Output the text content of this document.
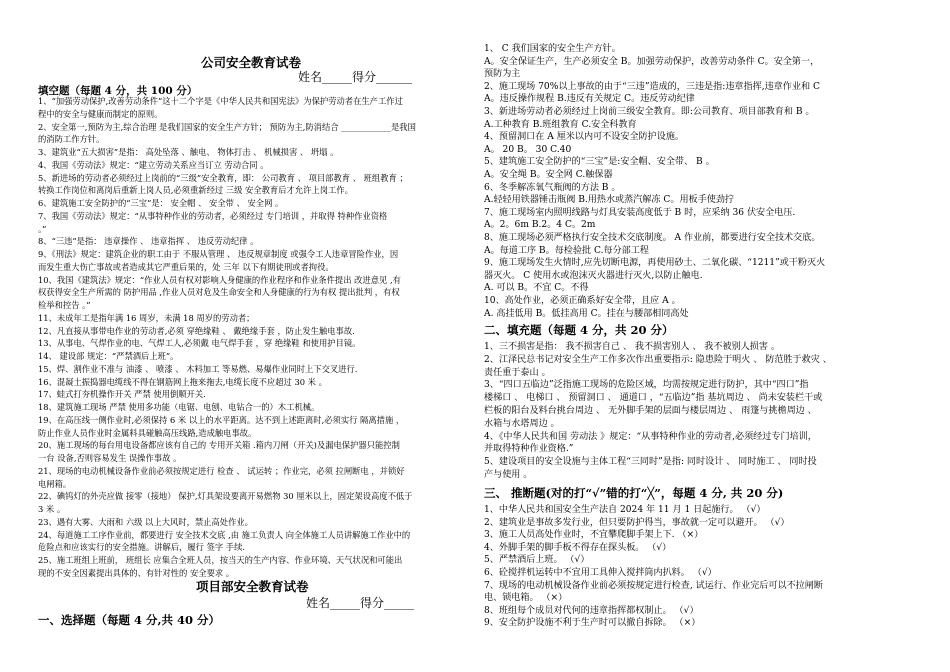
公司安全教育试卷
姓名_____得分______
填空题（每题 4 分，共 100 分）
1、“加强劳动保护,改善劳动条件”这十二个字是《中华人民共和国宪法》为保护劳动者在生产工作过
程中的安全与健康而制定的原则。
2、安全第一,预防为主,综合治理 是我们国家的安全生产方针； 预防为主,防消结合 ____________是我国
的消防工作方针。
3、建筑业“五大损害”是指： 高处坠落 、触电、 物体打击 、 机械损害 、 坍塌 。
4、我国《劳动法》规定：“建立劳动关系应当订立 劳动合同 。
5、新进场的劳动者必须经过上岗前的“三级”安全教育，即： 公司教育 、 项目部教育 、 班组教育 ；
转换工作岗位和离岗后重新上岗人员,必须重新经过 三级 安全教育后才允许上岗工作。
6、建筑施工安全防护的“三宝”是： 安全帽 、 安全带 、 安全网 。
7、我国《劳动法》规定：“从事特种作业的劳动者，必须经过 专门培训 ，并取得 特种作业资格
。”
8、“三违”是指： 违章操作 、 违章指挥 、 违反劳动纪律 。
9、《刑法》规定：建筑企业的职工由于 不服从管理 、 违反规章制度 或强令工人违章冒险作业，因
而发生重大伤亡事故或者造成其它严重后果的，处 三年 以下有期徒刑或者拘役。
10、我国《建筑法》规定：“作业人员有权对影响人身健康的作业程序和作业条件提出 改进意见 ,有
权获得安全生产所需的 防护用品 ,作业人员对危及生命安全和人身健康的行为有权 提出批判 ，有权
检举和控告 。”
11、未成年工是指年满 16 周岁，未满 18 周岁的劳动者；
12、凡直接从事带电作业的劳动者,必须 穿绝缘鞋 、 戴绝缘手套 ，防止发生触电事故.
13、从事电、气焊作业的电、气焊工人,必须戴 电气焊手套 ，穿 绝缘鞋 和使用护目镜。
14、 建设部 规定：“严禁酒后上班”。
15、焊、割作业不准与 油漆 、 喷漆 、 木料加工 等易燃、易爆作业同时上下交叉进行.
16、混凝土振捣器电缆线不得在钢筋网上拖来拖去,电缆长度不应超过 30 米 。
17、蛙式打夯机操作开关 严禁 使用倒顺开关.
18、建筑施工现场 严禁 使用多功能（电锯、电刨、电钻合一的）木工机械。
19、在高压线一侧作业时,必须保持 6 米 以上的水平距离。达不到上述距离时,必须实行 隔离措施 ，
防止作业人员作业时金属料具碰触高压线路,造成触电事故。
20、施工现场的每台用电设备都应该有自己的 专用开关箱 .箱内刀闸（开关)及漏电保护器只能控制
一台 设备,否则容易发生 误操作事故 。
21、现场的电动机械设备作业前必须按规定进行 检查 、 试运转 ；作业完，必须 拉闸断电 ，并锁好
电闸箱。
22、碘钨灯的外壳应做 接零（接地） 保护,灯具架设要离开易燃物 30 厘米以上，固定架设高度不低于
3 米 。
23、遇有大雾、大雨和 六级 以上大风时，禁止高处作业。
24、每道施工工序作业前，都要进行 安全技术交底 ,由 施工负责人 向全体施工人员讲解施工作业中的
危险点和应该实行的安全措施。讲解后，履行 签字 手续.
25、施工班组上班前， 班组长 应集合全班人员，按当天的生产内容、作业环境、天气状况和可能出
现的不安全因素提出具体的、有针对性的 安全要求 。
项目部安全教育试卷
姓名_____得分_____
一、选择题（每题 4 分,共 40 分）
1、 C 我们国家的安全生产方针。
A。安全保证生产，生产必须安全 B。加强劳动保护，改善劳动条件 C。安全第一，
预防为主
2、施工现场 70%以上事故的由于“三违”造成的，三违是指:违章指挥,违章作业和 C
A。违反操作规程 B.违反有关规定 C。违反劳动纪律
3、新进场劳动者必须经过上岗前三级安全教育。即:公司教育、项目部教育和 B 。
A.工种教育 B.班组教育 C.安全科教育
4、预留洞口在 A 厘米以内可不设安全防护设施。
A。 20 B。 30 C.40
5、建筑施工安全防护的“三宝”是:安全帽、安全带、 B 。
A。安全绳 B。安全网 C.触保器
6、冬季解冻氧气瓶阀的方法 B 。
A.轻轻用铁器锤击瓶阀 B.用热水或蒸汽解冻 C。用板手使劲拧
7、施工现场室内照明线路与灯具安装高度低于 B 时，应采纳 36 伏安全电压.
A。2。6m B.2。4 C。2m
8、施工现场必须严格执行安全技术交底制度。 A 作业前，都要进行安全技术交底。
A。每道工序 B。每检验批 C.每分部工程
9、施工现场发生火情时,应先切断电源，再使用砂土、二氧化碳、“1211”或干粉灭火
器灭火。 C 使用水或泡沫灭火器进行灭火,以防止触电.
A. 可以 B。不宜 C。不得
10、高处作业，必须正确系好安全带，且应 A 。
A. 高挂低用 B。低挂高用 C。挂在与腰部相同高处
二、填充题（每题 4 分，共 20 分）
1、三不损害是指： 我不损害自己 、 我不损害别人 、 我不被别人损害 。
2、江泽民总书记对安全生产工作多次作出重要指示: 隐患险于明火 、 防范胜于救灾 、
责任重于泰山 。
3、“四口五临边”泛指施工现场的危险区域，均需按规定进行防护，其中“四口”指
楼梯口 、 电梯口 、 预留洞口 、 通道口 ，“五临边”指 基坑周边 、 尚未安装栏干或
栏板的阳台及料台挑台周边 、 无外脚手架的层面与楼层周边 、 雨篷与挑檐周边 、
水箱与水塔周边 。
4、《中华人民共和国 劳动法 》规定：“从事特种作业的劳动者,必须经过专门培训，
并取得特种作业资格.”
5、建设项目的安全设施与主体工程“三同时”是指: 同时设计 、 同时施工 、 同时投
产与使用 。
三、 推断题(对的打“√”错的打“╳”，每题 4 分, 共 20 分)
1、中华人民共和国安全生产法自 2024 年 11 月 1 日起施行。 （√）
2、建筑业是事故多发行业，但只要防护得当，事故就一定可以避开。 （√）
3、施工人员高处作业时，不宜攀爬脚手架上下. （×）
4、外脚手架的脚手板不得存在探头板。 （√）
5、严禁酒后上班。 （√）
6、砼搅拌机运转中不宜用工具伸入搅拌筒内扒料。 （√）
7、现场的电动机械设备作业前必须按规定进行检查, 试运行、作业完后可以不拉闸断
电、锁电箱。 （×）
8、班组每个成员对代何的违章指挥都权制止。 （√）
9、安全防护设施不利于生产时可以撤自拆除。 （×）
